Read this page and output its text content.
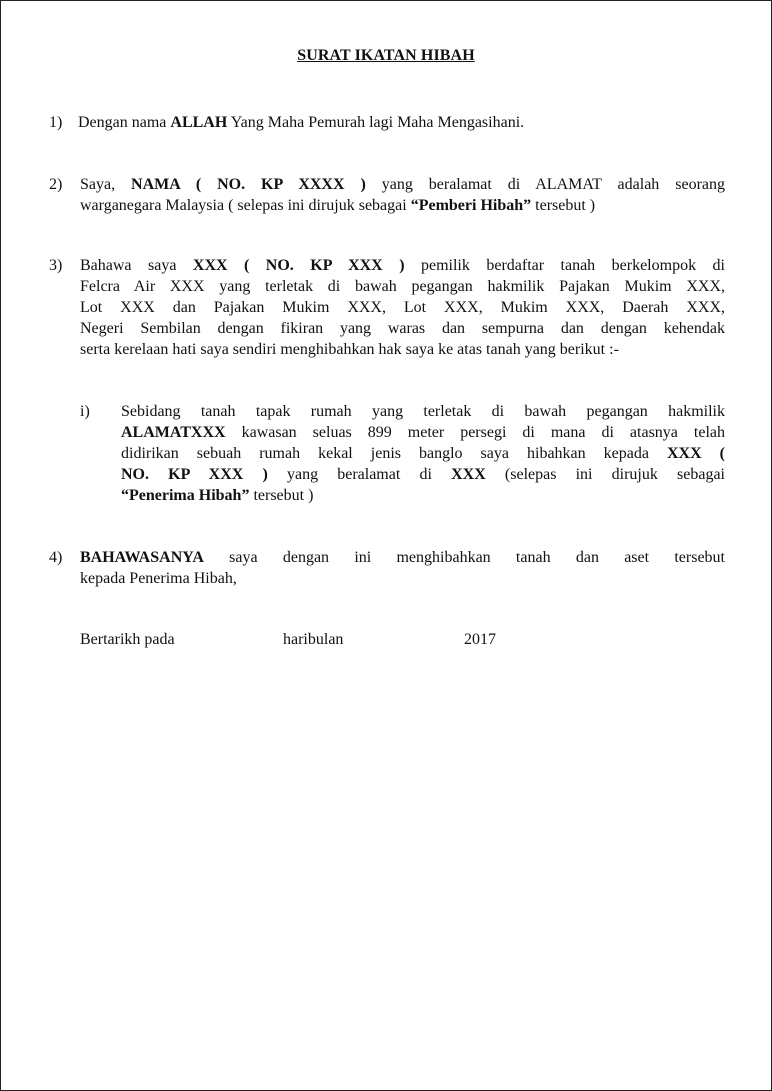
SURAT IKATAN HIBAH
1) Dengan nama ALLAH Yang Maha Pemurah lagi Maha Mengasihani.
2) Saya, NAMA ( NO. KP XXXX ) yang beralamat di ALAMAT adalah seorang
warganegara Malaysia ( selepas ini dirujuk sebagai “Pemberi Hibah” tersebut )
3) Bahawa saya XXX ( NO. KP XXX ) pemilik berdaftar tanah berkelompok di
Felcra Air XXX yang terletak di bawah pegangan hakmilik Pajakan Mukim XXX,
Lot XXX dan Pajakan Mukim XXX, Lot XXX, Mukim XXX, Daerah XXX,
Negeri Sembilan dengan fikiran yang waras dan sempurna dan dengan kehendak
serta kerelaan hati saya sendiri menghibahkan hak saya ke atas tanah yang berikut :-
i) Sebidang tanah tapak rumah yang terletak di bawah pegangan hakmilik
ALAMATXXX kawasan seluas 899 meter persegi di mana di atasnya telah
didirikan sebuah rumah kekal jenis banglo saya hibahkan kepada XXX (
NO. KP XXX ) yang beralamat di XXX (selepas ini dirujuk sebagai
“Penerima Hibah” tersebut )
4) BAHAWASANYA saya dengan ini menghibahkan tanah dan aset tersebut
kepada Penerima Hibah,
Bertarikh pada	haribulan	2017
